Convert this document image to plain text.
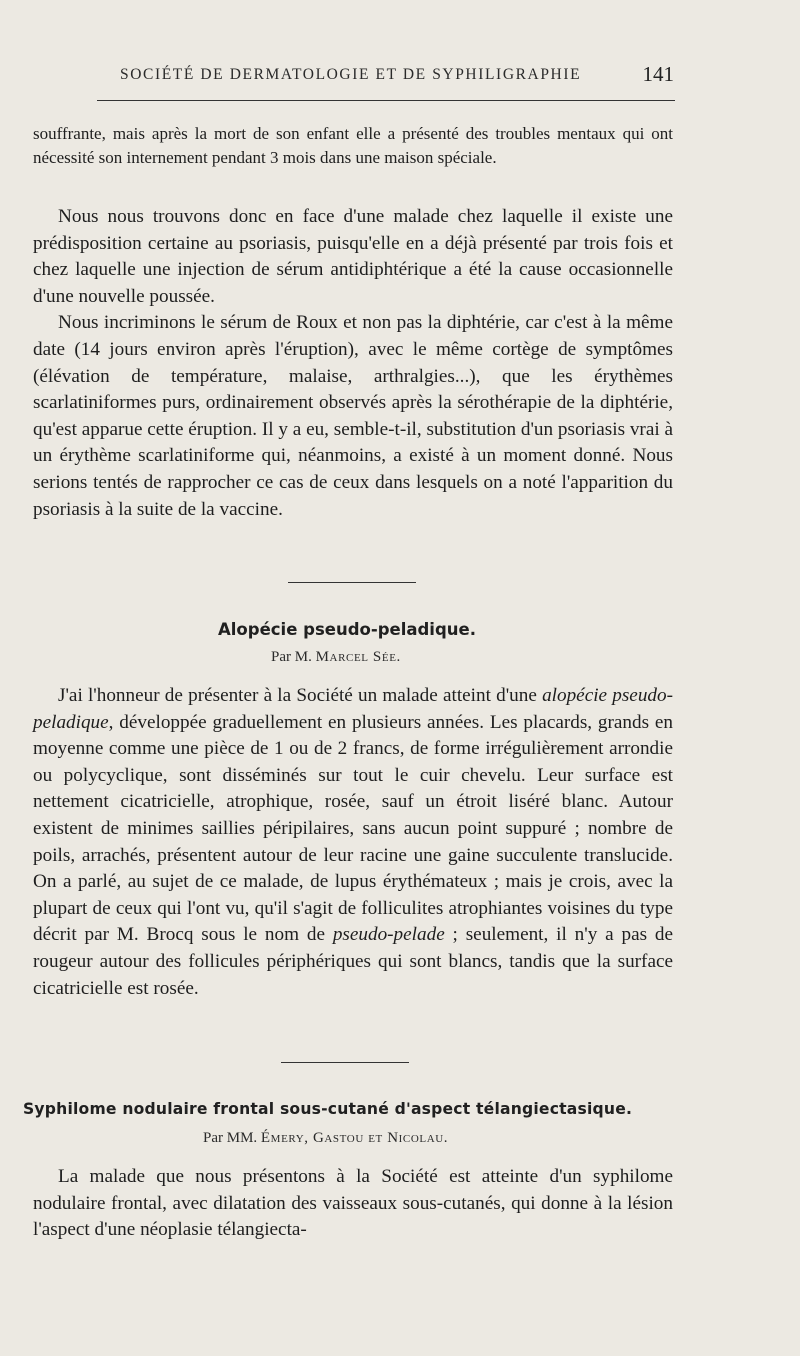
SOCIÉTÉ DE DERMATOLOGIE ET DE SYPHILIGRAPHIE	141
souffrante, mais après la mort de son enfant elle a présenté des troubles mentaux qui ont nécessité son internement pendant 3 mois dans une maison spéciale.

Nous nous trouvons donc en face d'une malade chez laquelle il existe une prédisposition certaine au psoriasis, puisqu'elle en a déjà présenté par trois fois et chez laquelle une injection de sérum antidiphtérique a été la cause occasionnelle d'une nouvelle poussée.

Nous incriminons le sérum de Roux et non pas la diphtérie, car c'est à la même date (14 jours environ après l'éruption), avec le même cortège de symptômes (élévation de température, malaise, arthralgies...), que les érythèmes scarlatiniformes purs, ordinairement observés après la sérothérapie de la diphtérie, qu'est apparue cette éruption. Il y a eu, semble-t-il, substitution d'un psoriasis vrai à un érythème scarlatiniforme qui, néanmoins, a existé à un moment donné. Nous serions tentés de rapprocher ce cas de ceux dans lesquels on a noté l'apparition du psoriasis à la suite de la vaccine.

Alopécie pseudo-peladique.
Par M. Marcel Sée.

J'ai l'honneur de présenter à la Société un malade atteint d'une alopécie pseudo-peladique, développée graduellement en plusieurs années. Les placards, grands en moyenne comme une pièce de 1 ou de 2 francs, de forme irrégulièrement arrondie ou polycyclique, sont disséminés sur tout le cuir chevelu. Leur surface est nettement cicatricielle, atrophique, rosée, sauf un étroit liséré blanc. Autour existent de minimes saillies péripilaires, sans aucun point suppuré ; nombre de poils, arrachés, présentent autour de leur racine une gaine succulente translucide. On a parlé, au sujet de ce malade, de lupus érythémateux ; mais je crois, avec la plupart de ceux qui l'ont vu, qu'il s'agit de folliculites atrophiantes voisines du type décrit par M. Brocq sous le nom de pseudo-pelade ; seulement, il n'y a pas de rougeur autour des follicules périphériques qui sont blancs, tandis que la surface cicatricielle est rosée.

Syphilome nodulaire frontal sous-cutané d'aspect télangiectasique.
Par MM. Émery, Gastou et Nicolau.

La malade que nous présentons à la Société est atteinte d'un syphilome nodulaire frontal, avec dilatation des vaisseaux sous-cutanés, qui donne à la lésion l'aspect d'une néoplasie télangiecta-
